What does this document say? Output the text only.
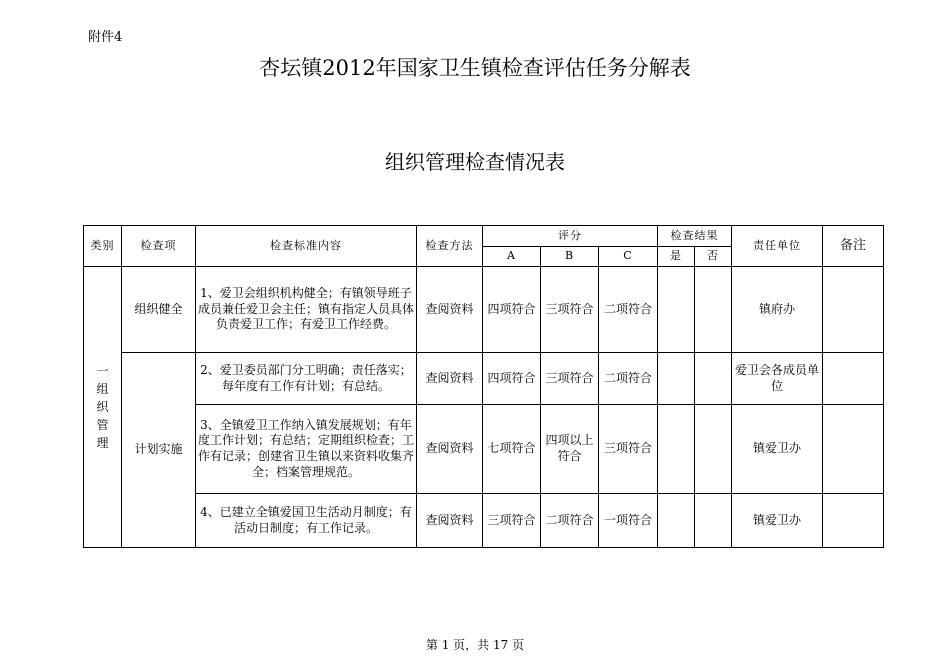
附件4
杏坛镇2012年国家卫生镇检查评估任务分解表
组织管理检查情况表
类别	检查项	检查标准内容	检查方法	评分			检查结果		责任单位	备注
				A	B	C	是	否		

一组织管理	组织健全	1、爱卫会组织机构健全；有镇领导班子成员兼任爱卫会主任；镇有指定人员具体负责爱卫工作；有爱卫工作经费。	查阅资料	四项符合	三项符合	二项符合			镇府办	
	计划实施	2、爱卫委员部门分工明确；责任落实；每年度有工作有计划；有总结。	查阅资料	四项符合	三项符合	二项符合			爱卫会各成员单位	
		3、全镇爱卫工作纳入镇发展规划；有年度工作计划；有总结；定期组织检查；工作有记录；创建省卫生镇以来资料收集齐全；档案管理规范。	查阅资料	七项符合	四项以上符合	三项符合			镇爱卫办	
		4、已建立全镇爱国卫生活动月制度；有活动日制度；有工作记录。	查阅资料	三项符合	二项符合	一项符合			镇爱卫办	
第 1 页，共 17 页
